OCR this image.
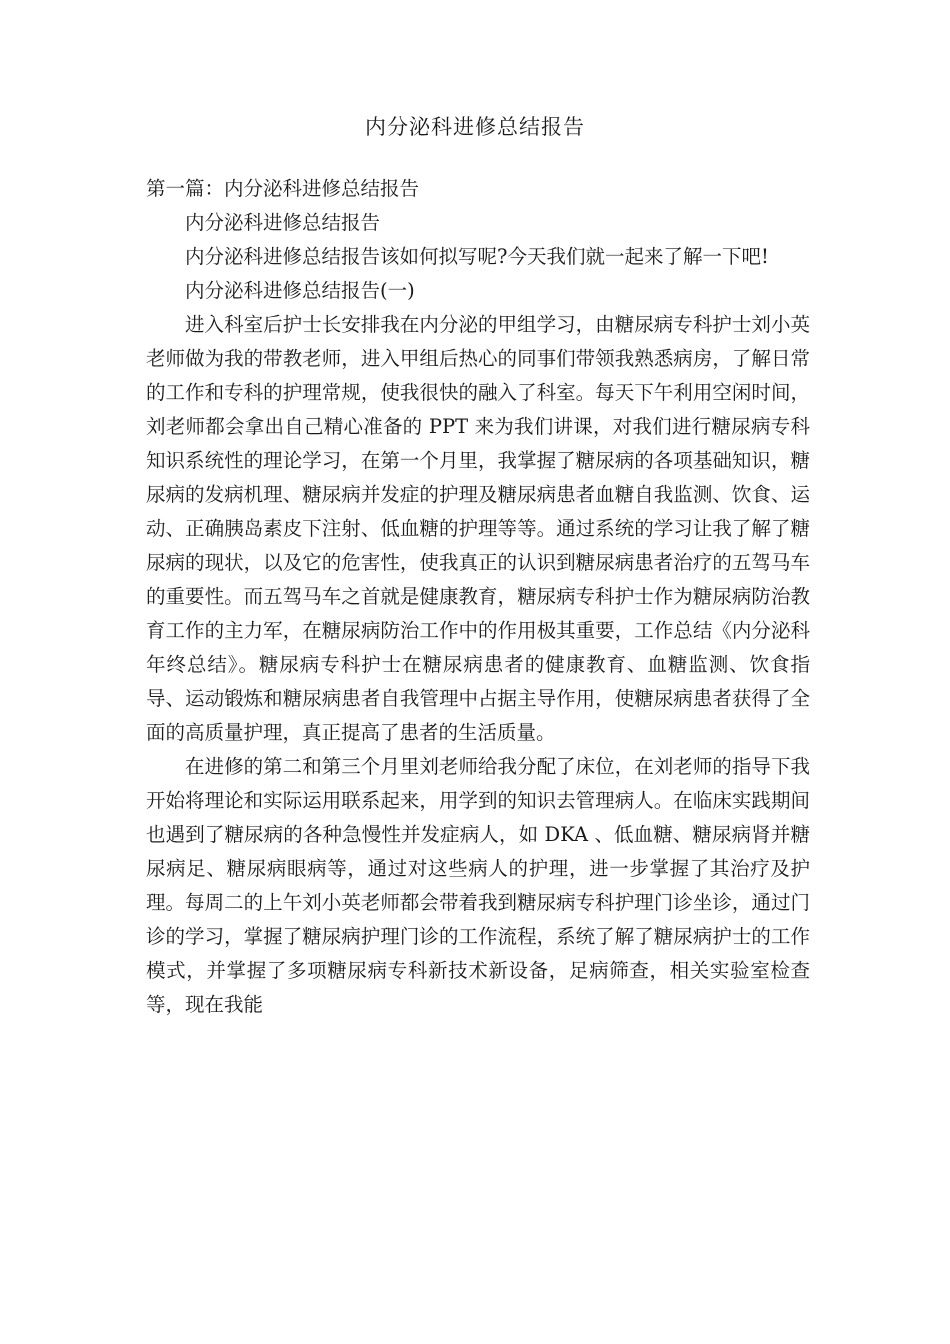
内分泌科进修总结报告

第一篇：内分泌科进修总结报告

内分泌科进修总结报告

内分泌科进修总结报告该如何拟写呢?今天我们就一起来了解一下吧!

内分泌科进修总结报告(一)

进入科室后护士长安排我在内分泌的甲组学习，由糖尿病专科护士刘小英老师做为我的带教老师，进入甲组后热心的同事们带领我熟悉病房，了解日常的工作和专科的护理常规，使我很快的融入了科室。每天下午利用空闲时间，刘老师都会拿出自己精心准备的 PPT 来为我们讲课，对我们进行糖尿病专科知识系统性的理论学习，在第一个月里，我掌握了糖尿病的各项基础知识，糖尿病的发病机理、糖尿病并发症的护理及糖尿病患者血糖自我监测、饮食、运动、正确胰岛素皮下注射、低血糖的护理等等。通过系统的学习让我了解了糖尿病的现状，以及它的危害性，使我真正的认识到糖尿病患者治疗的五驾马车的重要性。而五驾马车之首就是健康教育，糖尿病专科护士作为糖尿病防治教育工作的主力军，在糖尿病防治工作中的作用极其重要，工作总结《内分泌科年终总结》。糖尿病专科护士在糖尿病患者的健康教育、血糖监测、饮食指导、运动锻炼和糖尿病患者自我管理中占据主导作用，使糖尿病患者获得了全面的高质量护理，真正提高了患者的生活质量。

在进修的第二和第三个月里刘老师给我分配了床位，在刘老师的指导下我开始将理论和实际运用联系起来，用学到的知识去管理病人。在临床实践期间也遇到了糖尿病的各种急慢性并发症病人，如 DKA 、低血糖、糖尿病肾并糖尿病足、糖尿病眼病等，通过对这些病人的护理，进一步掌握了其治疗及护理。每周二的上午刘小英老师都会带着我到糖尿病专科护理门诊坐诊，通过门诊的学习，掌握了糖尿病护理门诊的工作流程，系统了解了糖尿病护士的工作模式，并掌握了多项糖尿病专科新技术新设备，足病筛查，相关实验室检查等，现在我能
